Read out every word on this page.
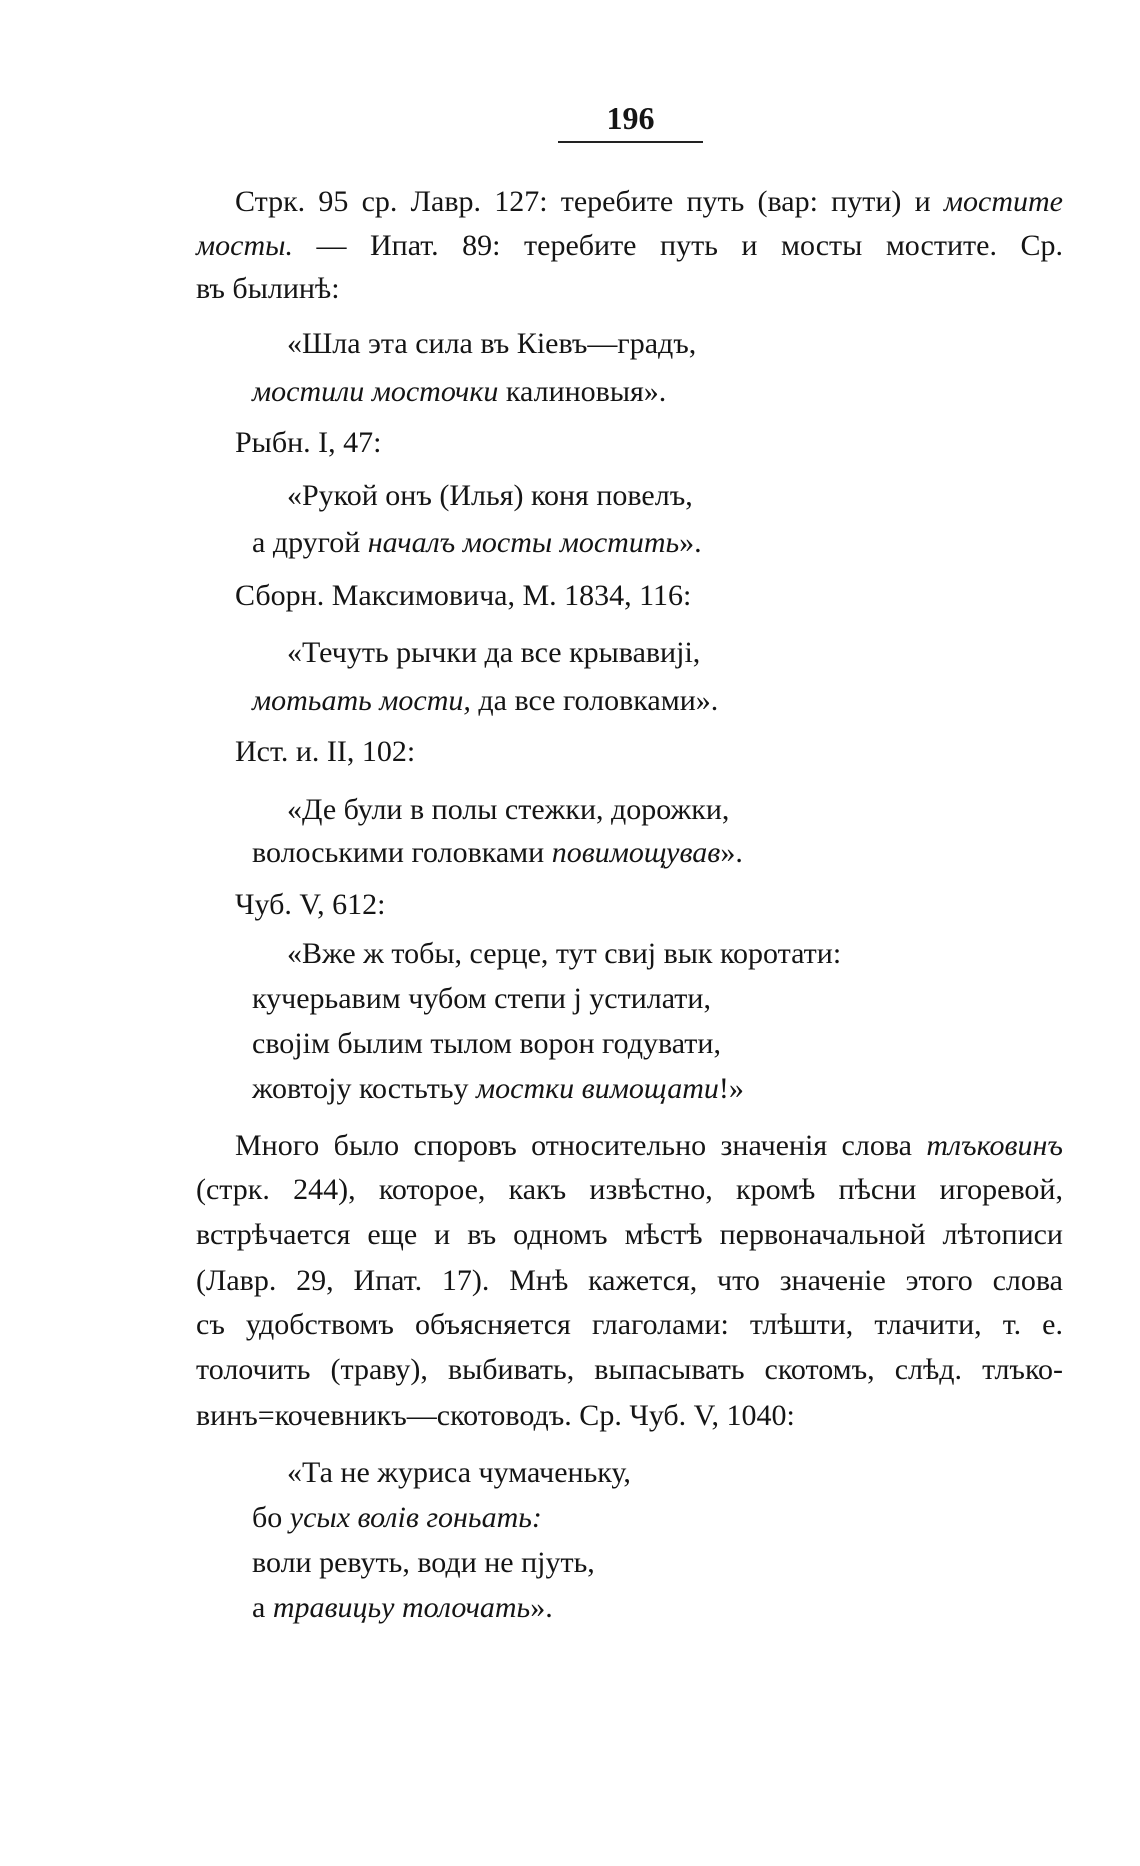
196
Стрк. 95 ср. Лавр. 127: теребите путь (вар: пути) и мостите
мосты. — Ипат. 89: теребите путь и мосты мостите. Ср.
въ былинѣ:
«Шла эта сила въ Кіевъ—градъ,
мостили мосточки калиновыя».
Рыбн. I, 47:
«Рукой онъ (Илья) коня повелъ,
а другой началъ мосты мостить».
Сборн. Максимовича, М. 1834, 116:
«Течуть рычки да все крывавиjі,
мотьать мости, да все головками».
Ист. и. II, 102:
«Де були в полы стежки, дорожки,
волоськими головками повимощував».
Чуб. V, 612:
«Вже ж тобы, серце, тут свиj вык коротати:
кучерьавим чубом степи j устилати,
своjім былим тылом ворон годувати,
жовтоjу костьтьу мостки вимощати!»
Много было споровъ относительно значенія слова тлъковинъ
(стрк. 244), которое, какъ извѣстно, кромѣ пѣсни игоревой,
встрѣчается еще и въ одномъ мѣстѣ первоначальной лѣтописи
(Лавр. 29, Ипат. 17). Мнѣ кажется, что значеніе этого слова
съ удобствомъ объясняется глаголами: тлѣшти, тлачити, т. е.
толочить (траву), выбивать, выпасывать скотомъ, слѣд. тлъко-
винъ=кочевникъ—скотоводъ. Ср. Чуб. V, 1040:
«Та не журиса чумаченьку,
бо усых волів гоньать:
воли ревуть, води не пjуть,
а травицьу толочать».
